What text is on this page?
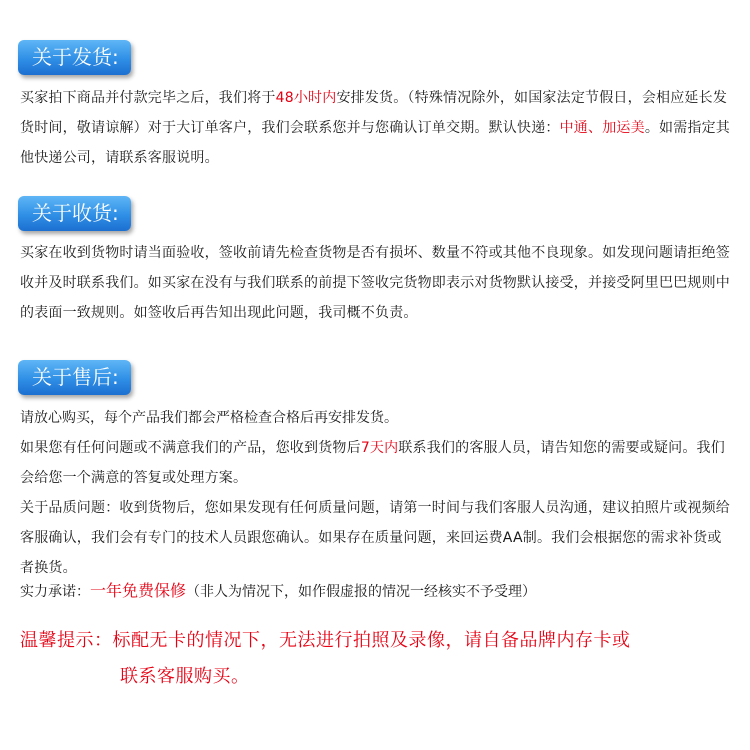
关于发货:

买家拍下商品并付款完毕之后，我们将于48小时内安排发货。（特殊情况除外，如国家法定节假日，会相应延长发货时间，敬请谅解）对于大订单客户，我们会联系您并与您确认订单交期。默认快递：中通、加运美。如需指定其他快递公司，请联系客服说明。

关于收货:

买家在收到货物时请当面验收，签收前请先检查货物是否有损坏、数量不符或其他不良现象。如发现问题请拒绝签收并及时联系我们。如买家在没有与我们联系的前提下签收完货物即表示对货物默认接受，并接受阿里巴巴规则中的表面一致规则。如签收后再告知出现此问题，我司概不负责。

关于售后:

请放心购买，每个产品我们都会严格检查合格后再安排发货。

如果您有任何问题或不满意我们的产品，您收到货物后7天内联系我们的客服人员，请告知您的需要或疑问。我们会给您一个满意的答复或处理方案。

关于品质问题：收到货物后，您如果发现有任何质量问题，请第一时间与我们客服人员沟通，建议拍照片或视频给客服确认，我们会有专门的技术人员跟您确认。如果存在质量问题，来回运费AA制。我们会根据您的需求补货或者换货。

实力承诺：一年免费保修（非人为情况下，如作假虚报的情况一经核实不予受理）

温馨提示：标配无卡的情况下，无法进行拍照及录像，请自备品牌内存卡或
联系客服购买。
